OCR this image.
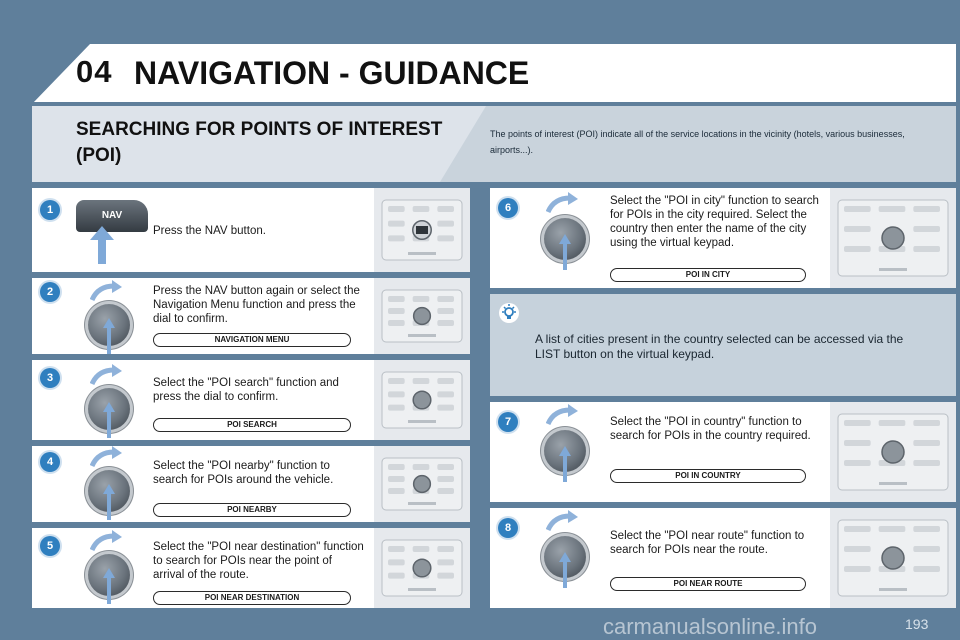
04 NAVIGATION - GUIDANCE
SEARCHING FOR POINTS OF INTEREST (POI)
The points of interest (POI) indicate all of the service locations in the vicinity (hotels, various businesses, airports...).
1	NAV
Press the NAV button.
2	Press the NAV button again or select the Navigation Menu function and press the dial to confirm.
NAVIGATION MENU
3	Select the "POI search" function and press the dial to confirm.
POI SEARCH
4	Select the "POI nearby" function to search for POIs around the vehicle.
POI NEARBY
5	Select the "POI near destination" function to search for POIs near the point of arrival of the route.
POI NEAR DESTINATION
6
Select the "POI in city" function to search for POIs in the city required. Select the country then enter the name of the city using the virtual keypad.
POI IN CITY
A list of cities present in the country selected can be accessed via the LIST button on the virtual keypad.
7	Select the "POI in country" function to search for POIs in the country required.
POI IN COUNTRY
8
Select the "POI near route" function to search for POIs near the route.
POI NEAR ROUTE
carmanualsonline.info	193
